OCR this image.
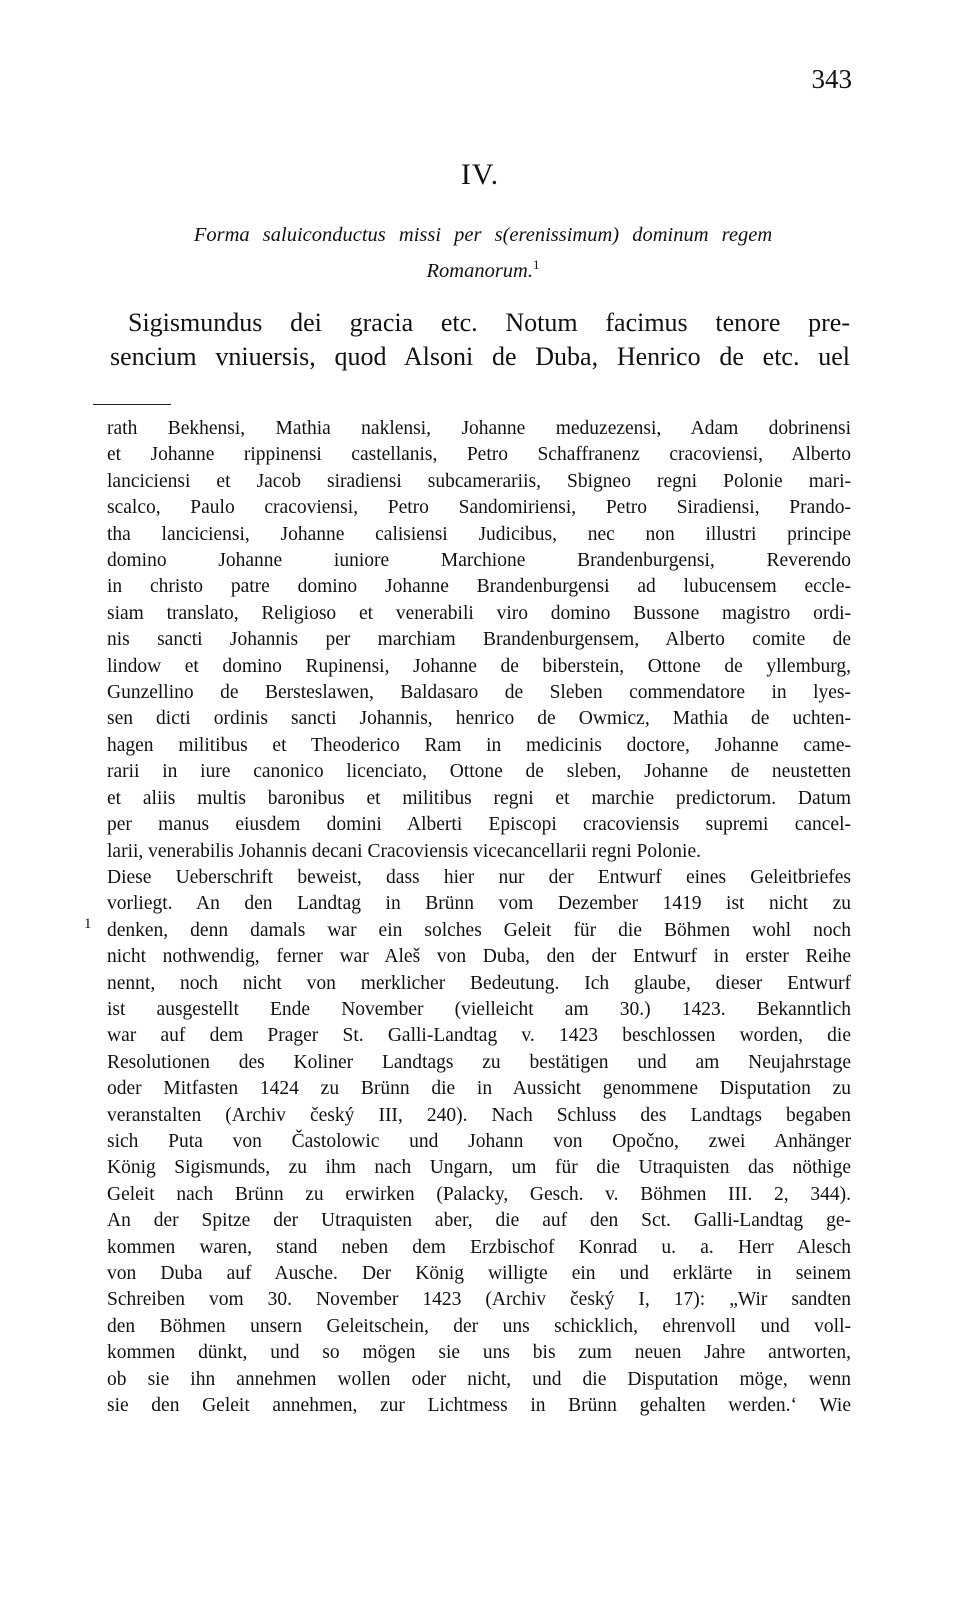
343
IV.
Forma saluiconductus missi per s(erenissimum) dominum regem
Romanorum.$^1$
Sigismundus dei gracia etc. Notum facimus tenore pre-
sencium vniuersis, quod Alsoni de Duba, Henrico de etc. uel
rath Bekhensi, Mathia naklensi, Johanne meduzezensi, Adam dobrinensi
et Johanne rippinensi castellanis, Petro Schaffranenz cracoviensi, Alberto
lanciciensi et Jacob siradiensi subcamerariis, Sbigneo regni Polonie mari-
scalco, Paulo cracoviensi, Petro Sandomiriensi, Petro Siradiensi, Prando-
tha lanciciensi, Johanne calisiensi Judicibus, nec non illustri principe
domino Johanne iuniore Marchione Brandenburgensi, Reverendo
in christo patre domino Johanne Brandenburgensi ad lubucensem eccle-
siam translato, Religioso et venerabili viro domino Bussone magistro ordi-
nis sancti Johannis per marchiam Brandenburgensem, Alberto comite de
lindow et domino Rupinensi, Johanne de biberstein, Ottone de yllemburg,
Gunzellino de Bersteslawen, Baldasaro de Sleben commendatore in lyes-
sen dicti ordinis sancti Johannis, henrico de Owmicz, Mathia de uchten-
hagen militibus et Theoderico Ram in medicinis doctore, Johanne came-
rarii in iure canonico licenciato, Ottone de sleben, Johanne de neustetten
et aliis multis baronibus et militibus regni et marchie predictorum. Datum
per manus eiusdem domini Alberti Episcopi cracoviensis supremi cancel-
larii, venerabilis Johannis decani Cracoviensis vicecancellarii regni Polonie.
Diese Ueberschrift beweist, dass hier nur der Entwurf eines Geleitbriefes
vorliegt. An den Landtag in Brünn vom Dezember 1419 ist nicht zu
denken, denn damals war ein solches Geleit für die Böhmen wohl noch
nicht nothwendig, ferner war Aleš von Duba, den der Entwurf in erster Reihe
nennt, noch nicht von merklicher Bedeutung. Ich glaube, dieser Entwurf
ist ausgestellt Ende November (vielleicht am 30.) 1423. Bekanntlich
war auf dem Prager St. Galli-Landtag v. 1423 beschlossen worden, die
Resolutionen des Koliner Landtags zu bestätigen und am Neujahrstage
oder Mitfasten 1424 zu Brünn die in Aussicht genommene Disputation zu
veranstalten (Archiv český III, 240). Nach Schluss des Landtags begaben
sich Puta von Častolowic und Johann von Opočno, zwei Anhänger
König Sigismunds, zu ihm nach Ungarn, um für die Utraquisten das nöthige
Geleit nach Brünn zu erwirken (Palacky, Gesch. v. Böhmen III. 2, 344).
An der Spitze der Utraquisten aber, die auf den Sct. Galli-Landtag ge-
kommen waren, stand neben dem Erzbischof Konrad u. a. Herr Alesch
von Duba auf Ausche. Der König willigte ein und erklärte in seinem
Schreiben vom 30. November 1423 (Archiv český I, 17): „Wir sandten
den Böhmen unsern Geleitschein, der uns schicklich, ehrenvoll und voll-
kommen dünkt, und so mögen sie uns bis zum neuen Jahre antworten,
ob sie ihn annehmen wollen oder nicht, und die Disputation möge, wenn
sie den Geleit annehmen, zur Lichtmess in Brünn gehalten werden.‘ Wie
1
